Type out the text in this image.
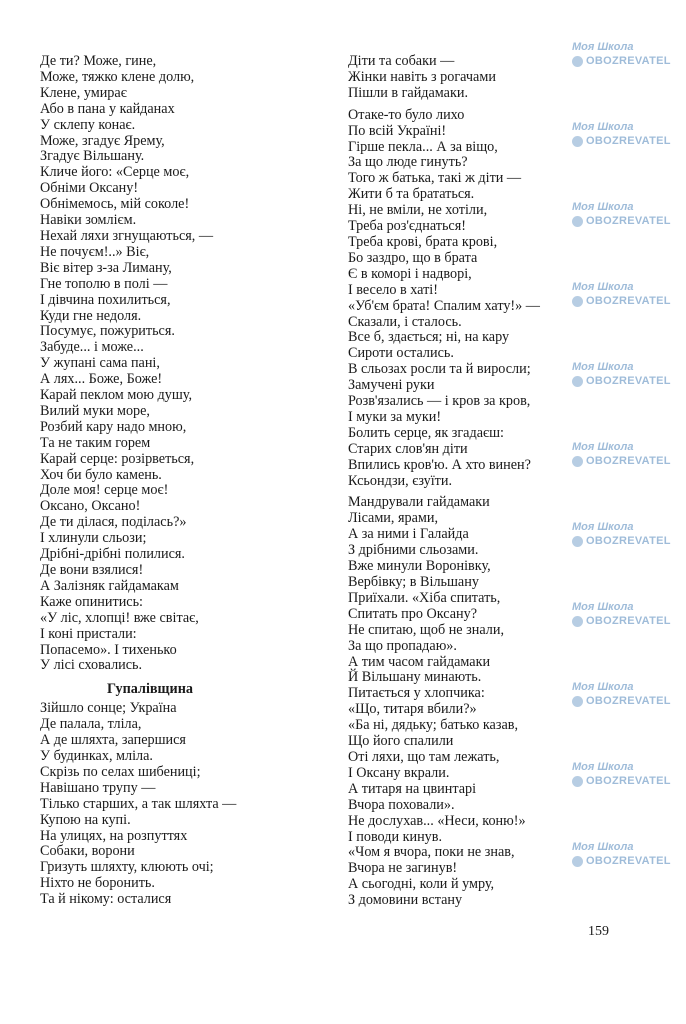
Де ти? Може, гине,
Може, тяжко клене долю,
Клене, умирає
Або в пана у кайданах
У склепу конає.
Може, згадує Ярему,
Згадує Вільшану.
Кличе його: «Серце моє,
Обніми Оксану!
Обнімемось, мій соколе!
Навіки зомлієм.
Нехай ляхи згнущаються, —
Не почуєм!..» Віє,
Віє вітер з-за Лиману,
Гне тополю в полі —
І дівчина похилиться,
Куди гне недоля.
Посумує, пожуриться.
Забуде... і може...
У жупані сама пані,
А лях... Боже, Боже!
Карай пеклом мою душу,
Вилий муки море,
Розбий кару надо мною,
Та не таким горем
Карай серце: розірветься,
Хоч би було камень.
Доле моя! серце моє!
Оксано, Оксано!
Де ти ділася, поділась?»
І хлинули сльози;
Дрібні-дрібні полилися.
Де вони взялися!
А Залізняк гайдамакам
Каже опинитись:
«У ліс, хлопці! вже світає,
І коні пристали:
Попасемо». І тихенько
У лісі сховались.
Гупалівщина
Зійшло сонце; Україна
Де палала, тліла,
А де шляхта, запершися
У будинках, мліла.
Скрізь по селах шибениці;
Навішано трупу —
Тілько старших, а так шляхта —
Купою на купі.
На улицях, на розпуттях
Собаки, ворони
Гризуть шляхту, клюють очі;
Ніхто не боронить.
Та й нікому: осталися
Діти та собаки —
Жінки навіть з рогачами
Пішли в гайдамаки.
Отаке-то було лихо
По всій Україні!
Гірше пекла... А за віщо,
За що люде гинуть?
Того ж батька, такі ж діти —
Жити б та брататься.
Ні, не вміли, не хотіли,
Треба роз'єднаться!
Треба крові, брата крові,
Бо заздро, що в брата
Є в коморі і надворі,
І весело в хаті!
«Уб'єм брата! Спалим хату!» —
Сказали, і сталось.
Все б, здається; ні, на кару
Сироти остались.
В сльозах росли та й виросли;
Замучені руки
Розв'язались — і кров за кров,
І муки за муки!
Болить серце, як згадаєш:
Старих слов'ян діти
Впились кров'ю. А хто винен?
Ксьондзи, єзуїти.
Мандрували гайдамаки
Лісами, ярами,
А за ними і Галайда
З дрібними сльозами.
Вже минули Воронівку,
Вербівку; в Вільшану
Приїхали. «Хіба спитать,
Спитать про Оксану?
Не спитаю, щоб не знали,
За що пропадаю».
А тим часом гайдамаки
Й Вільшану минають.
Питається у хлопчика:
«Що, титаря вбили?»
«Ба ні, дядьку; батько казав,
Що його спалили
Оті ляхи, що там лежать,
І Оксану вкрали.
А титаря на цвинтарі
Вчора поховали».
Не дослухав... «Неси, коню!»
І поводи кинув.
«Чом я вчора, поки не знав,
Вчора не загинув!
А сьогодні, коли й умру,
З домовини встану
159
Моя Школа
OBOZREVATEL
Моя Школа
OBOZREVATEL
Моя Школа
OBOZREVATEL
Моя Школа
OBOZREVATEL
Моя Школа
OBOZREVATEL
Моя Школа
OBOZREVATEL
Моя Школа
OBOZREVATEL
Моя Школа
OBOZREVATEL
Моя Школа
OBOZREVATEL
Моя Школа
OBOZREVATEL
Моя Школа
OBOZREVATEL
